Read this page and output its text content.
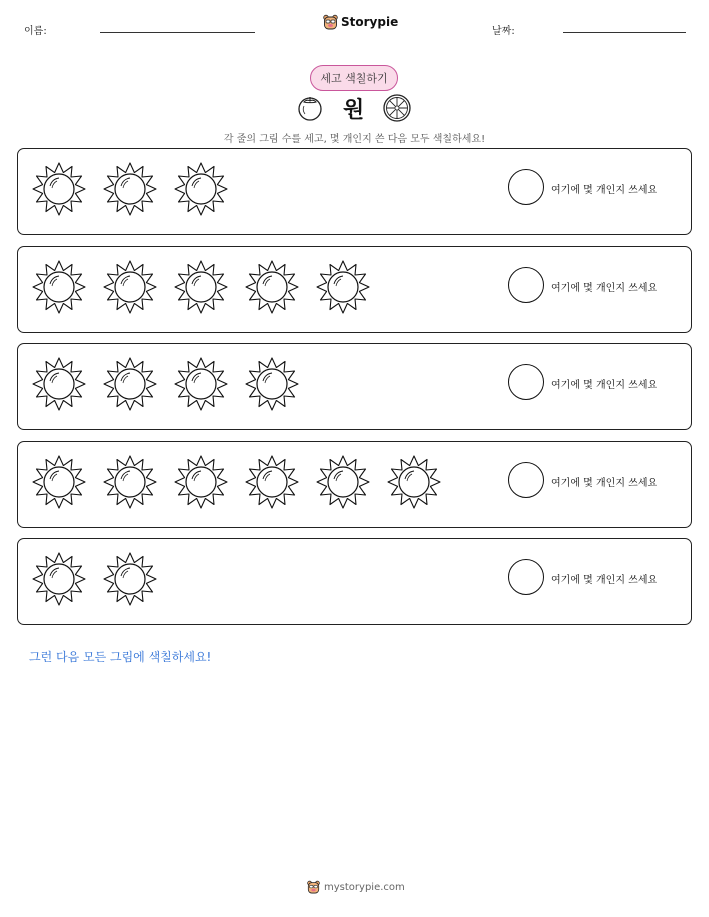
이름:
Storypie
날짜:
세고 색칠하기
원
각 줄의 그림 수를 세고, 몇 개인지 쓴 다음 모두 색칠하세요!
여기에 몇 개인지 쓰세요
여기에 몇 개인지 쓰세요
여기에 몇 개인지 쓰세요
여기에 몇 개인지 쓰세요
여기에 몇 개인지 쓰세요
그런 다음 모든 그림에 색칠하세요!
mystorypie.com
